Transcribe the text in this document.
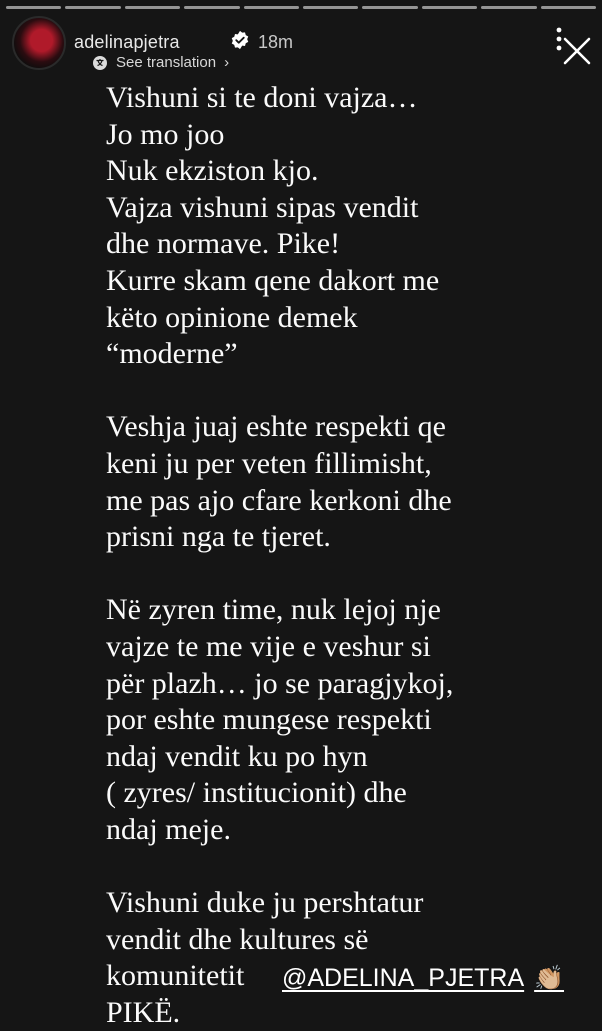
adelinapjetra	18m
See translation ›

Vishuni si te doni vajza…

Jo mo joo

Nuk ekziston kjo.

Vajza vishuni sipas vendit

dhe normave. Pike!

Kurre skam qene dakort me

këto opinione demek

“moderne”

Veshja juaj eshte respekti qe

keni ju per veten fillimisht,

me pas ajo cfare kerkoni dhe

prisni nga te tjeret.

Në zyren time, nuk lejoj nje

vajze te me vije e veshur si

për plazh… jo se paragjykoj,

por eshte mungese respekti

ndaj vendit ku po hyn

( zyres/ institucionit) dhe

ndaj meje.

Vishuni duke ju pershtatur

vendit dhe kultures së

komunitetit

PIKË.

@ADELINA_PJETRA 👏🏼
